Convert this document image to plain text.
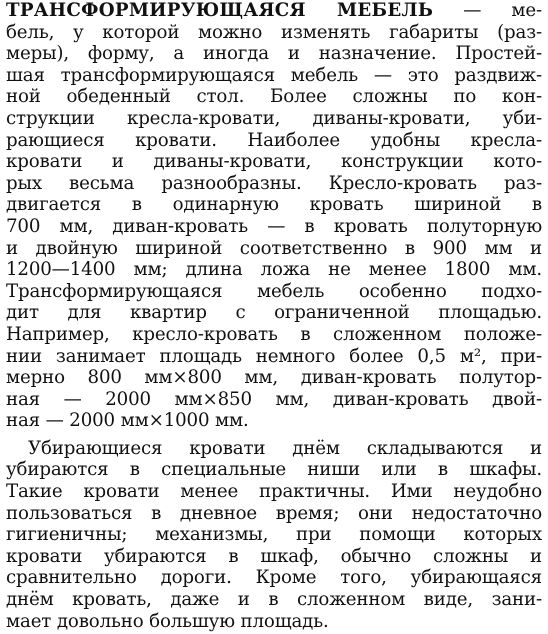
ТРАНСФОРМИРУЮЩАЯСЯ МЕБЕЛЬ — ме-
бель, у которой можно изменять габариты (раз-
меры), форму, а иногда и назначение. Простей-
шая трансформирующаяся мебель — это раздвиж-
ной обеденный стол. Более сложны по кон-
струкции кресла-кровати, диваны-кровати, уби-
рающиеся кровати. Наиболее удобны кресла-
кровати и диваны-кровати, конструкции кото-
рых весьма разнообразны. Кресло-кровать раз-
двигается в одинарную кровать шириной в
700 мм, диван-кровать — в кровать полуторную
и двойную шириной соответственно в 900 мм и
1200—1400 мм; длина ложа не менее 1800 мм.
Трансформирующаяся мебель особенно подхо-
дит для квартир с ограниченной площадью.
Например, кресло-кровать в сложенном положе-
нии занимает площадь немного более 0,5 м², при-
мерно 800 мм×800 мм, диван-кровать полутор-
ная — 2000 мм×850 мм, диван-кровать двой-
ная — 2000 мм×1000 мм.
Убирающиеся кровати днём складываются и
убираются в специальные ниши или в шкафы.
Такие кровати менее практичны. Ими неудобно
пользоваться в дневное время; они недостаточно
гигиеничны; механизмы, при помощи которых
кровати убираются в шкаф, обычно сложны и
сравнительно дороги. Кроме того, убирающаяся
днём кровать, даже и в сложенном виде, зани-
мает довольно большую площадь.
